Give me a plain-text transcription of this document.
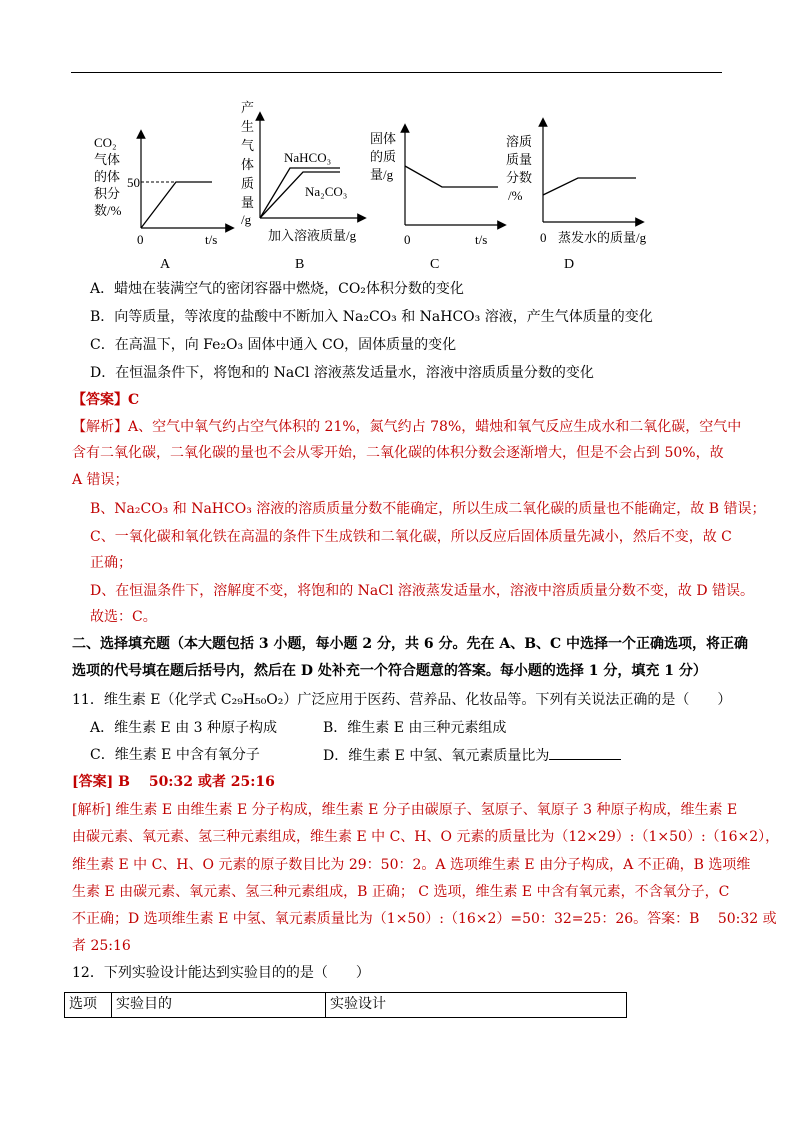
CO₂
气体
的体
积分
数/%
50
0	t/s
A
产
生
气
体
质
量
/g
NaHCO₃
Na₂CO₃
加入溶液质量/g
B
固体
的质
量/g
0	t/s
C
溶质
质量
分数
/%
0 蒸发水的质量/g
D
A．蜡烛在装满空气的密闭容器中燃烧，CO₂体积分数的变化
B．向等质量，等浓度的盐酸中不断加入 Na₂CO₃ 和 NaHCO₃ 溶液，产生气体质量的变化
C．在高温下，向 Fe₂O₃ 固体中通入 CO，固体质量的变化
D．在恒温条件下，将饱和的 NaCl 溶液蒸发适量水，溶液中溶质质量分数的变化
【答案】C
【解析】A、空气中氧气约占空气体积的 21%，氮气约占 78%，蜡烛和氧气反应生成水和二氧化碳，空气中
含有二氧化碳，二氧化碳的量也不会从零开始，二氧化碳的体积分数会逐渐增大，但是不会占到 50%，故
A 错误；
B、Na₂CO₃ 和 NaHCO₃ 溶液的溶质质量分数不能确定，所以生成二氧化碳的质量也不能确定，故 B 错误；
C、一氧化碳和氧化铁在高温的条件下生成铁和二氧化碳，所以反应后固体质量先减小，然后不变，故 C
正确；
D、在恒温条件下，溶解度不变，将饱和的 NaCl 溶液蒸发适量水，溶液中溶质质量分数不变，故 D 错误。
故选：C。
二、选择填充题（本大题包括 3 小题，每小题 2 分，共 6 分。先在 A、B、C 中选择一个正确选项，将正确
选项的代号填在题后括号内，然后在 D 处补充一个符合题意的答案。每小题的选择 1 分，填充 1 分）
11．维生素 E（化学式 C₂₉H₅₀O₂）广泛应用于医药、营养品、化妆品等。下列有关说法正确的是（　　）
A．维生素 E 由 3 种原子构成	B．维生素 E 由三种元素组成
C．维生素 E 中含有氧分子	D．维生素 E 中氢、氧元素质量比为
[答案] B　 50:32 或者 25:16
[解析] 维生素 E 由维生素 E 分子构成，维生素 E 分子由碳原子、氢原子、氧原子 3 种原子构成，维生素 E
由碳元素、氧元素、氢三种元素组成，维生素 E 中 C、H、O 元素的质量比为（12×29）:（1×50）:（16×2），
维生素 E 中 C、H、O 元素的原子数目比为 29：50：2。A 选项维生素 E 由分子构成，A 不正确，B 选项维
生素 E 由碳元素、氧元素、氢三种元素组成，B 正确； C 选项，维生素 E 中含有氧元素，不含氧分子，C
不正确；D 选项维生素 E 中氢、氧元素质量比为（1×50）:（16×2）=50：32=25：26。答案：B　 50:32 或
者 25:16
12．下列实验设计能达到实验目的的是（　　）
选项	实验目的	实验设计
